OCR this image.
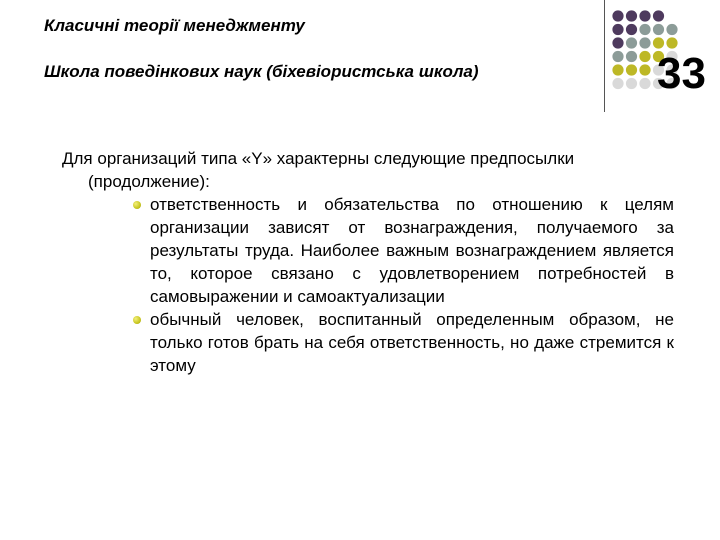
Класичні теорії менеджменту
Школа поведінкових наук (біхевіористська школа)	33

Для организаций типа «Y» характерны следующие предпосылки (продолжение):

ответственность и обязательства по отношению к целям организации зависят от вознаграждения, получаемого за результаты труда. Наиболее важным вознаграждением является то, которое связано с удовлетворением потребностей в самовыражении и самоактуализации
обычный человек, воспитанный определенным образом, не только готов брать на себя ответственность, но даже стремится к этому
